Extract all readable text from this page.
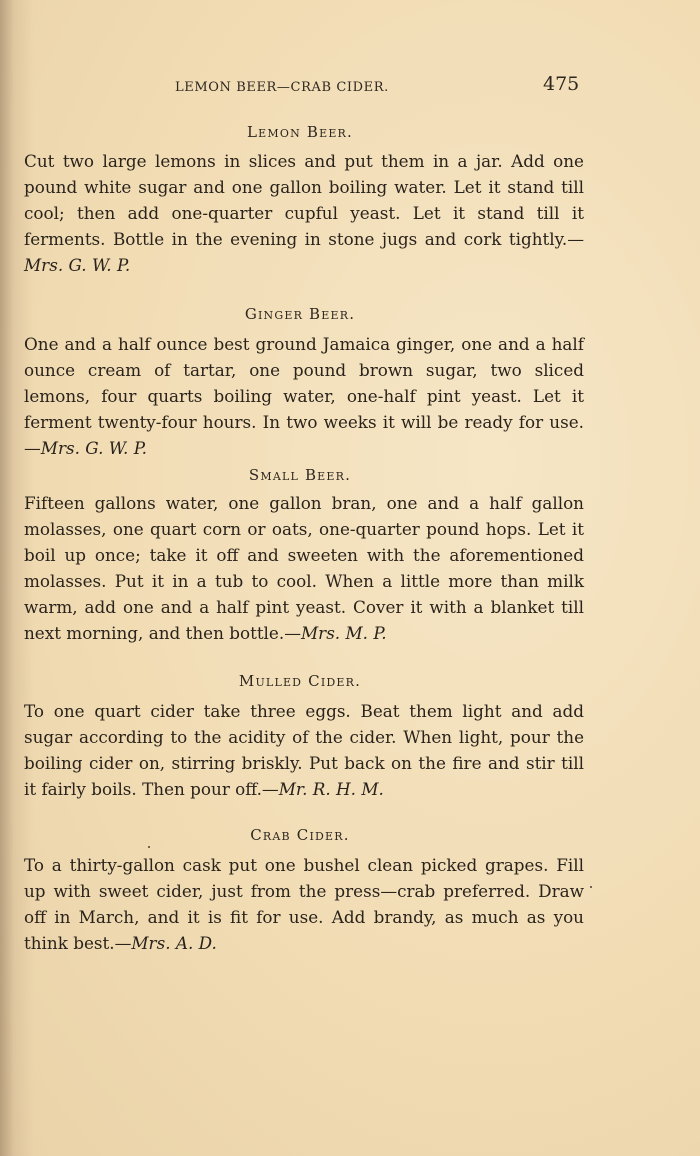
LEMON BEER—CRAB CIDER.	475
Lemon Beer.
Cut two large lemons in slices and put them in a jar. Add one pound white sugar and one gallon boiling water. Let it stand till cool; then add one-quarter cupful yeast. Let it stand till it ferments. Bottle in the evening in stone jugs and cork tightly.—Mrs. G. W. P.
Ginger Beer.
One and a half ounce best ground Jamaica ginger, one and a half ounce cream of tartar, one pound brown sugar, two sliced lemons, four quarts boiling water, one-half pint yeast. Let it ferment twenty-four hours. In two weeks it will be ready for use.—Mrs. G. W. P.
Small Beer.
Fifteen gallons water, one gallon bran, one and a half gallon molasses, one quart corn or oats, one-quarter pound hops. Let it boil up once; take it off and sweeten with the aforementioned molasses. Put it in a tub to cool. When a little more than milk warm, add one and a half pint yeast. Cover it with a blanket till next morning, and then bottle.—Mrs. M. P.
Mulled Cider.
To one quart cider take three eggs. Beat them light and add sugar according to the acidity of the cider. When light, pour the boiling cider on, stirring briskly. Put back on the fire and stir till it fairly boils. Then pour off.—Mr. R. H. M.
Crab Cider.
To a thirty-gallon cask put one bushel clean picked grapes. Fill up with sweet cider, just from the press—crab preferred. Draw off in March, and it is fit for use. Add brandy, as much as you think best.—Mrs. A. D.
